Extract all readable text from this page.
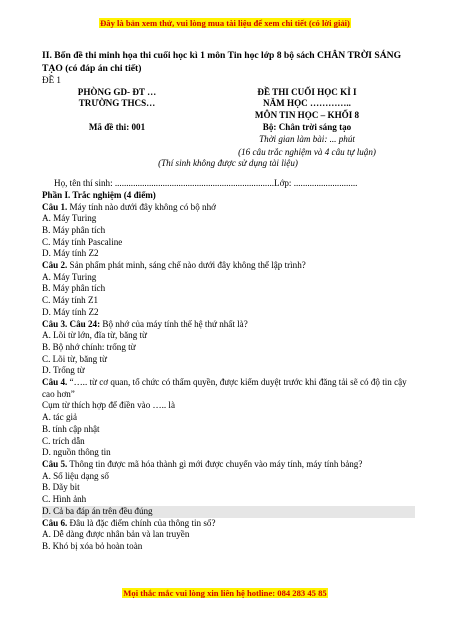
Đây là bản xem thử, vui lòng mua tài liệu để xem chi tiết (có lời giải)
II. Bốn đề thi minh họa thi cuối học kì 1 môn Tin học lớp 8 bộ sách CHÂN TRỜI SÁNG TẠO (có đáp án chi tiết)
ĐỀ 1
PHÒNG GD- ĐT …
TRƯỜNG THCS…
Mã đề thi: 001
ĐỀ THI CUỐI HỌC KÌ I
NĂM HỌC …………..
MÔN TIN HỌC – KHỐI 8
Bộ: Chân trời sáng tạo
Thời gian làm bài: ... phút
(16 câu trắc nghiệm và 4 câu tự luận)
(Thí sinh không được sử dụng tài liệu)
Họ, tên thí sinh: ......................................................................Lớp: ............................
Phần I. Trắc nghiệm (4 điểm)
Câu 1. Máy tính nào dưới đây không có bộ nhớ
A. Máy Turing
B. Máy phân tích
C. Máy tính Pascaline
D. Máy tính Z2
Câu 2. Sản phẩm phát minh, sáng chế nào dưới đây không thể lập trình?
A. Máy Turing
B. Máy phân tích
C. Máy tính Z1
D. Máy tính Z2
Câu 3. Câu 24: Bộ nhớ của máy tính thế hệ thứ nhất là?
A. Lõi từ lớn, đĩa từ, băng từ
B. Bộ nhớ chính: trống từ
C. Lõi từ, băng từ
D. Trống từ
Câu 4. “….. từ cơ quan, tổ chức có thẩm quyền, được kiểm duyệt trước khi đăng tải sẽ có độ tin cậy cao hơn”
Cụm từ thích hợp để điền vào ….. là
A. tác giả
B. tính cập nhật
C. trích dẫn
D. nguồn thông tin
Câu 5. Thông tin được mã hóa thành gì mới được chuyển vào máy tính, máy tính bảng?
A. Số liệu dạng số
B. Dãy bit
C. Hình ảnh
D. Cả ba đáp án trên đều đúng
Câu 6. Đâu là đặc điểm chính của thông tin số?
A. Dễ dàng được nhân bản và lan truyền
B. Khó bị xóa bỏ hoàn toàn
Mọi thắc mắc vui lòng xin liên hệ hotline: 084 283 45 85
